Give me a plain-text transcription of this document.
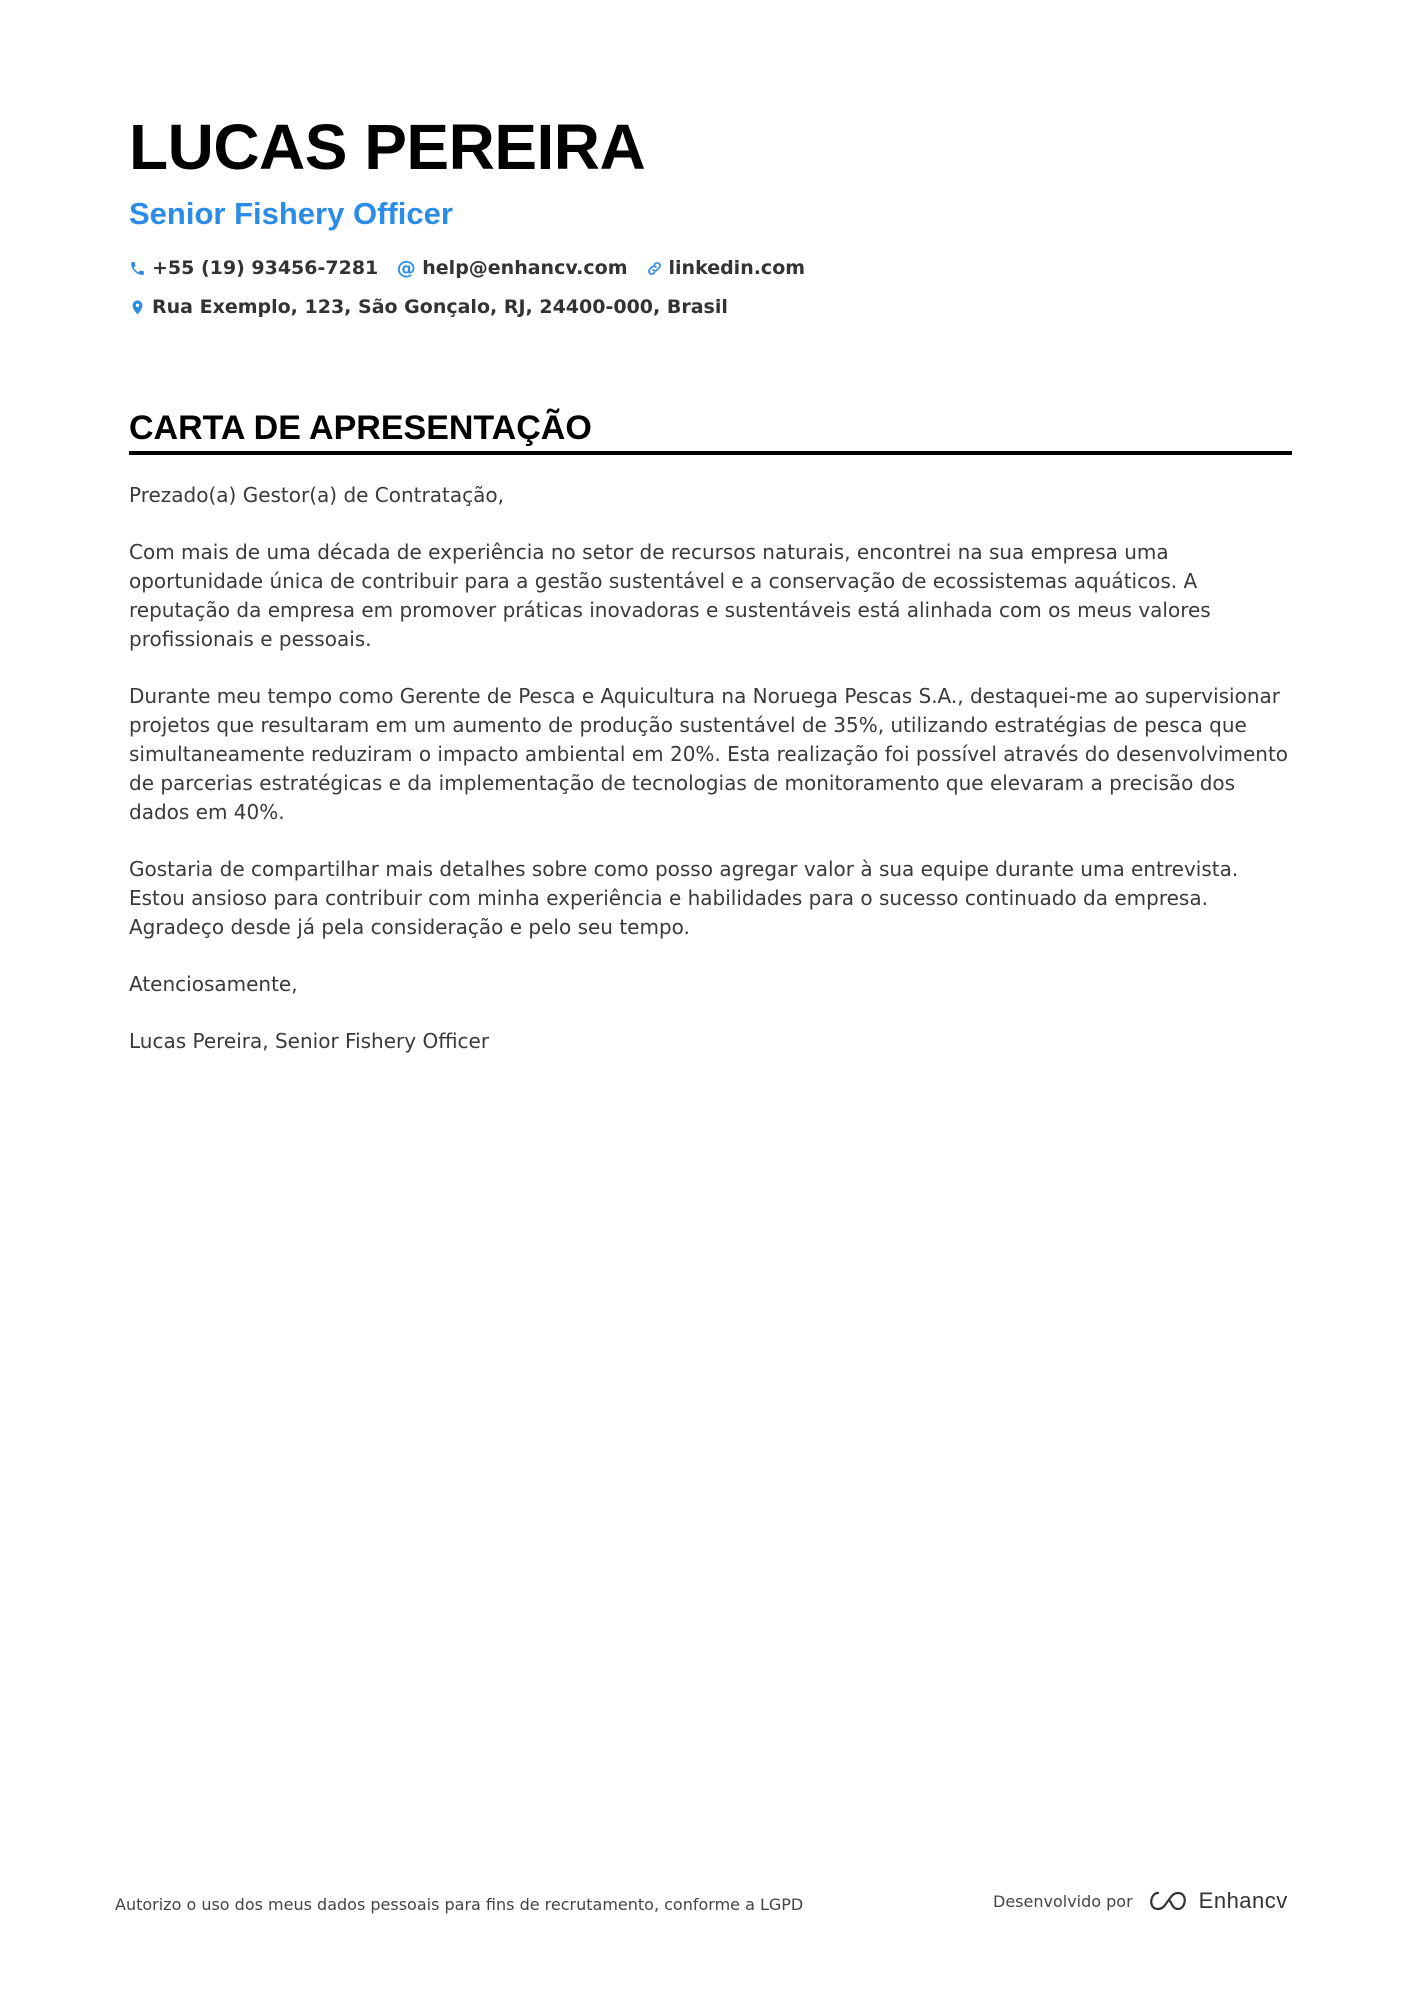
LUCAS PEREIRA
Senior Fishery Officer
+55 (19) 93456-7281 @ help@enhancv.com linkedin.com
Rua Exemplo, 123, São Gonçalo, RJ, 24400-000, Brasil
CARTA DE APRESENTAÇÃO

Prezado(a) Gestor(a) de Contratação,

Com mais de uma década de experiência no setor de recursos naturais, encontrei na sua empresa uma oportunidade única de contribuir para a gestão sustentável e a conservação de ecossistemas aquáticos. A reputação da empresa em promover práticas inovadoras e sustentáveis está alinhada com os meus valores profissionais e pessoais.

Durante meu tempo como Gerente de Pesca e Aquicultura na Noruega Pescas S.A., destaquei-me ao supervisionar projetos que resultaram em um aumento de produção sustentável de 35%, utilizando estratégias de pesca que simultaneamente reduziram o impacto ambiental em 20%. Esta realização foi possível através do desenvolvimento de parcerias estratégicas e da implementação de tecnologias de monitoramento que elevaram a precisão dos dados em 40%.

Gostaria de compartilhar mais detalhes sobre como posso agregar valor à sua equipe durante uma entrevista. Estou ansioso para contribuir com minha experiência e habilidades para o sucesso continuado da empresa. Agradeço desde já pela consideração e pelo seu tempo.

Atenciosamente,

Lucas Pereira, Senior Fishery Officer

Autorizo o uso dos meus dados pessoais para fins de recrutamento, conforme a LGPD	Desenvolvido por	Enhancv
